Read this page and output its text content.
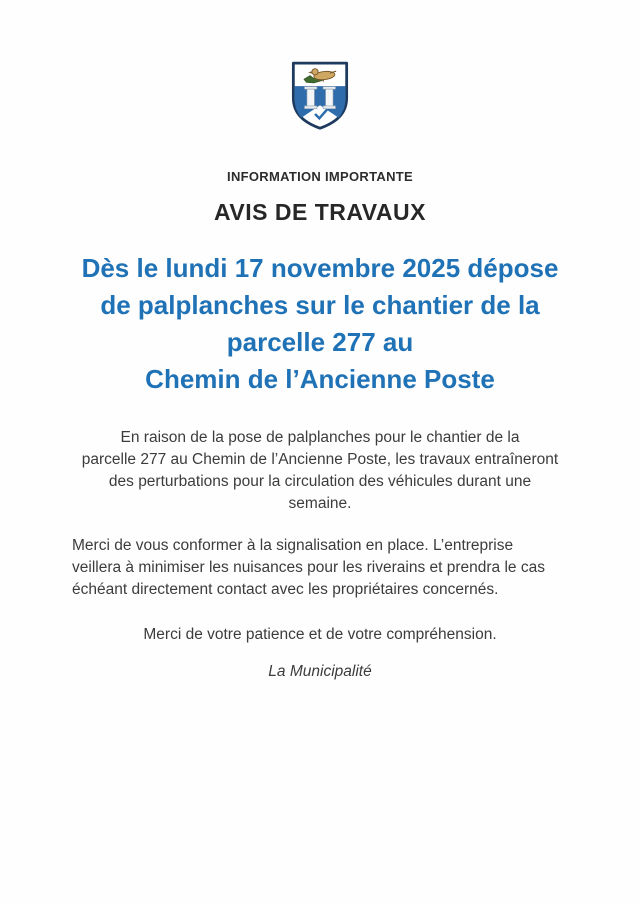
INFORMATION IMPORTANTE
AVIS DE TRAVAUX
Dès le lundi 17 novembre 2025 dépose
de palplanches sur le chantier de la
parcelle 277 au
Chemin de l’Ancienne Poste
En raison de la pose de palplanches pour le chantier de la
parcelle 277 au Chemin de l’Ancienne Poste, les travaux entraîneront
des perturbations pour la circulation des véhicules durant une
semaine.
Merci de vous conformer à la signalisation en place. L’entreprise
veillera à minimiser les nuisances pour les riverains et prendra le cas
échéant directement contact avec les propriétaires concernés.
Merci de votre patience et de votre compréhension.
La Municipalité
